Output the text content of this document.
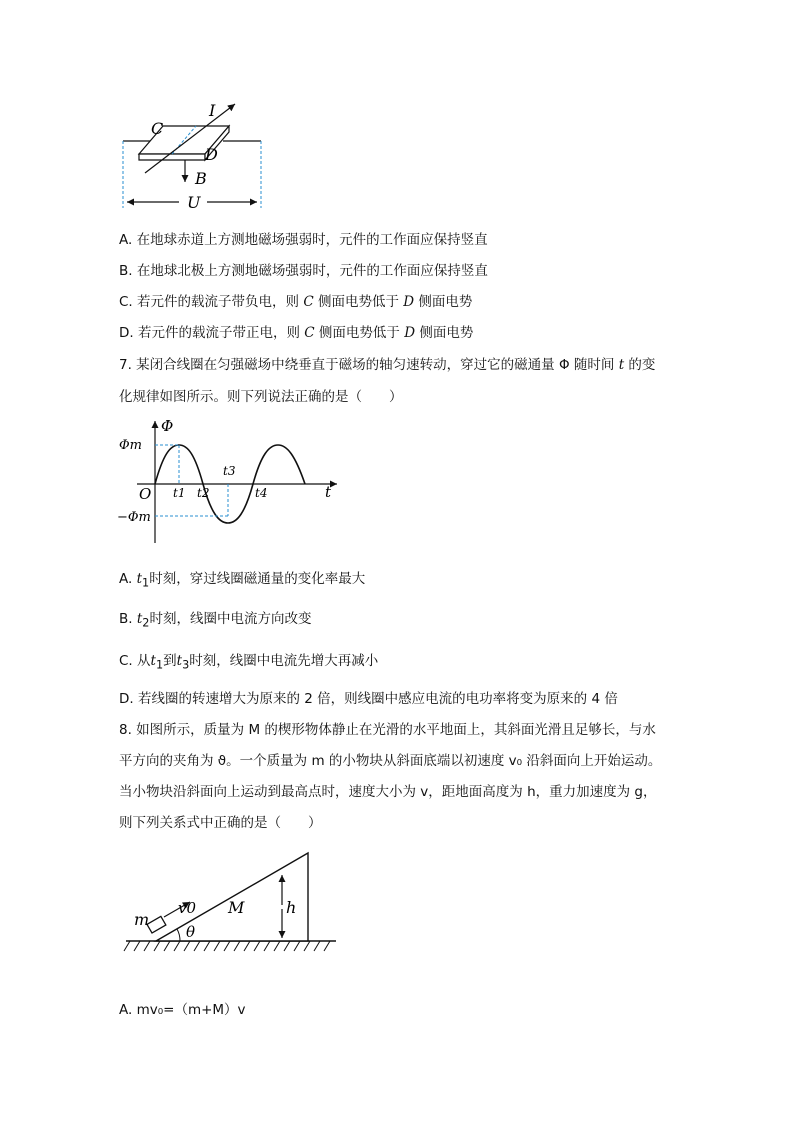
I
C
D
B
U
A. 在地球赤道上方测地磁场强弱时，元件的工作面应保持竖直
B. 在地球北极上方测地磁场强弱时，元件的工作面应保持竖直
C. 若元件的载流子带负电，则 C 侧面电势低于 D 侧面电势
D. 若元件的载流子带正电，则 C 侧面电势低于 D 侧面电势
7. 某闭合线圈在匀强磁场中绕垂直于磁场的轴匀速转动，穿过它的磁通量 Φ 随时间 t 的变
化规律如图所示。则下列说法正确的是（　　）
Φ
t
O
Φm
−Φm
t1 t2
t3
t4
A. $t_1$时刻，穿过线圈磁通量的变化率最大
B. $t_2$时刻，线圈中电流方向改变
C. 从$t_1$到$t_3$时刻，线圈中电流先增大再减小
D. 若线圈的转速增大为原来的 2 倍，则线圈中感应电流的电功率将变为原来的 4 倍
8. 如图所示，质量为 M 的楔形物体静止在光滑的水平地面上，其斜面光滑且足够长，与水
平方向的夹角为 ϑ。一个质量为 m 的小物块从斜面底端以初速度 v₀ 沿斜面向上开始运动。
当小物块沿斜面向上运动到最高点时，速度大小为 v，距地面高度为 h，重力加速度为 g，
则下列关系式中正确的是（　　）
m
v0 M
θ
h
A. mv₀=（m+M）v
